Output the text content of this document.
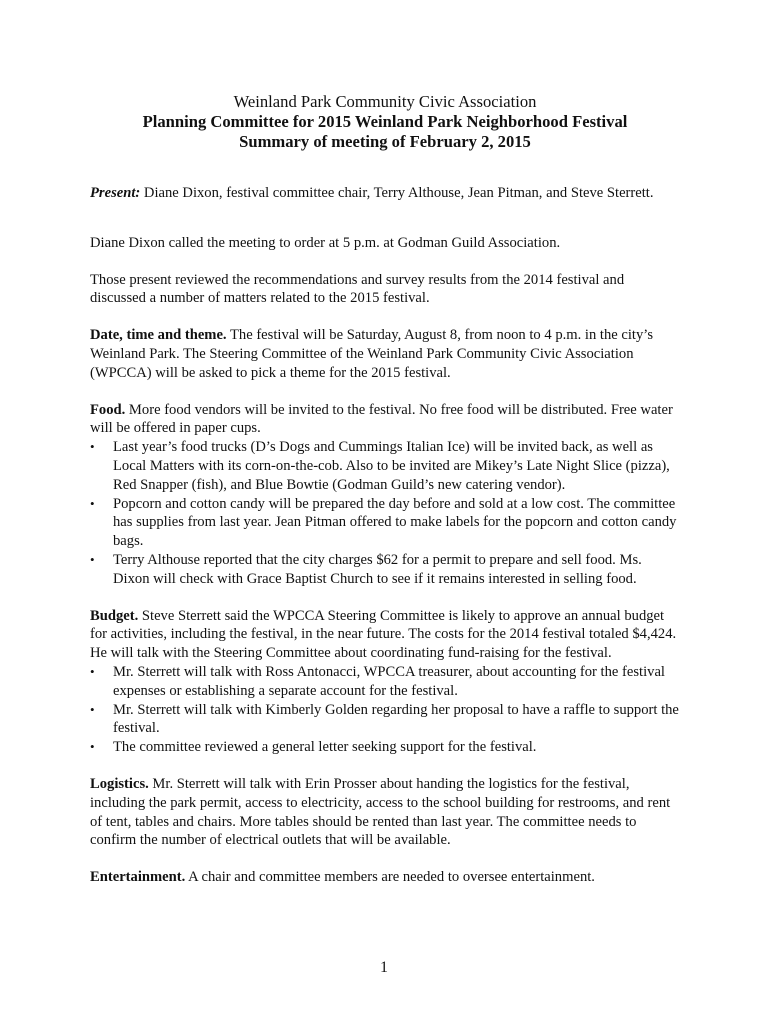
Weinland Park Community Civic Association
Planning Committee for 2015 Weinland Park Neighborhood Festival
Summary of meeting of February 2, 2015

Present: Diane Dixon, festival committee chair, Terry Althouse, Jean Pitman, and Steve Sterrett.

Diane Dixon called the meeting to order at 5 p.m. at Godman Guild Association.

Those present reviewed the recommendations and survey results from the 2014 festival and discussed a number of matters related to the 2015 festival.

Date, time and theme. The festival will be Saturday, August 8, from noon to 4 p.m. in the city’s Weinland Park. The Steering Committee of the Weinland Park Community Civic Association (WPCCA) will be asked to pick a theme for the 2015 festival.

Food. More food vendors will be invited to the festival. No free food will be distributed. Free water will be offered in paper cups.

• Last year’s food trucks (D’s Dogs and Cummings Italian Ice) will be invited back, as well as Local Matters with its corn-on-the-cob. Also to be invited are Mikey’s Late Night Slice (pizza), Red Snapper (fish), and Blue Bowtie (Godman Guild’s new catering vendor).
• Popcorn and cotton candy will be prepared the day before and sold at a low cost. The committee has supplies from last year. Jean Pitman offered to make labels for the popcorn and cotton candy bags.
• Terry Althouse reported that the city charges $62 for a permit to prepare and sell food. Ms. Dixon will check with Grace Baptist Church to see if it remains interested in selling food.

Budget. Steve Sterrett said the WPCCA Steering Committee is likely to approve an annual budget for activities, including the festival, in the near future. The costs for the 2014 festival totaled $4,424. He will talk with the Steering Committee about coordinating fund-raising for the festival.

• Mr. Sterrett will talk with Ross Antonacci, WPCCA treasurer, about accounting for the festival expenses or establishing a separate account for the festival.
• Mr. Sterrett will talk with Kimberly Golden regarding her proposal to have a raffle to support the festival.
• The committee reviewed a general letter seeking support for the festival.

Logistics. Mr. Sterrett will talk with Erin Prosser about handing the logistics for the festival, including the park permit, access to electricity, access to the school building for restrooms, and rent of tent, tables and chairs. More tables should be rented than last year. The committee needs to confirm the number of electrical outlets that will be available.

Entertainment. A chair and committee members are needed to oversee entertainment.

1
